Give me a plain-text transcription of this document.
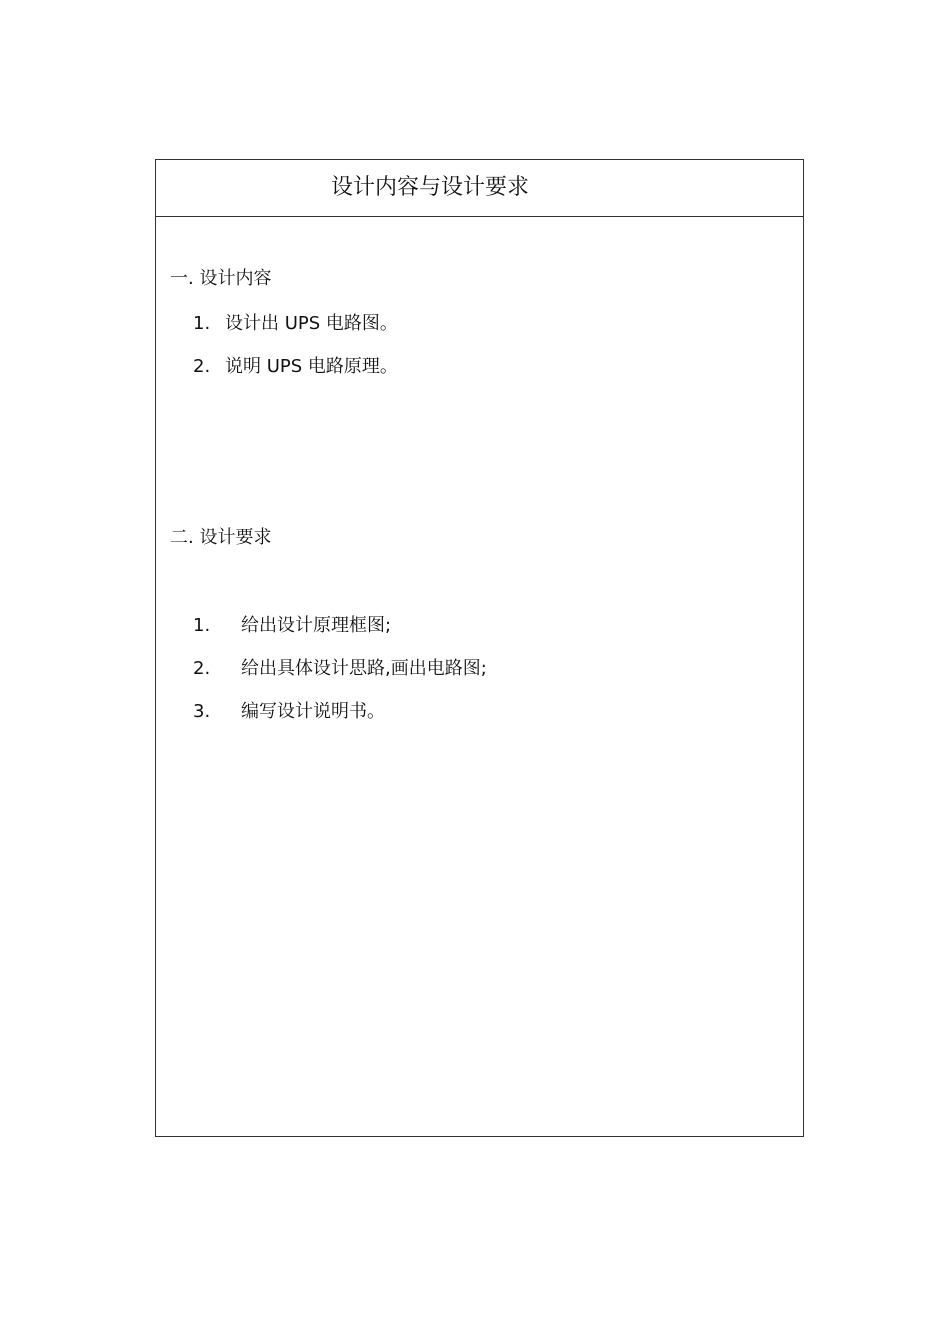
设计内容与设计要求
一. 设计内容
1. 设计出 UPS 电路图。
2. 说明 UPS 电路原理。
二. 设计要求
1. 给出设计原理框图;
2. 给出具体设计思路,画出电路图;
3. 编写设计说明书。
